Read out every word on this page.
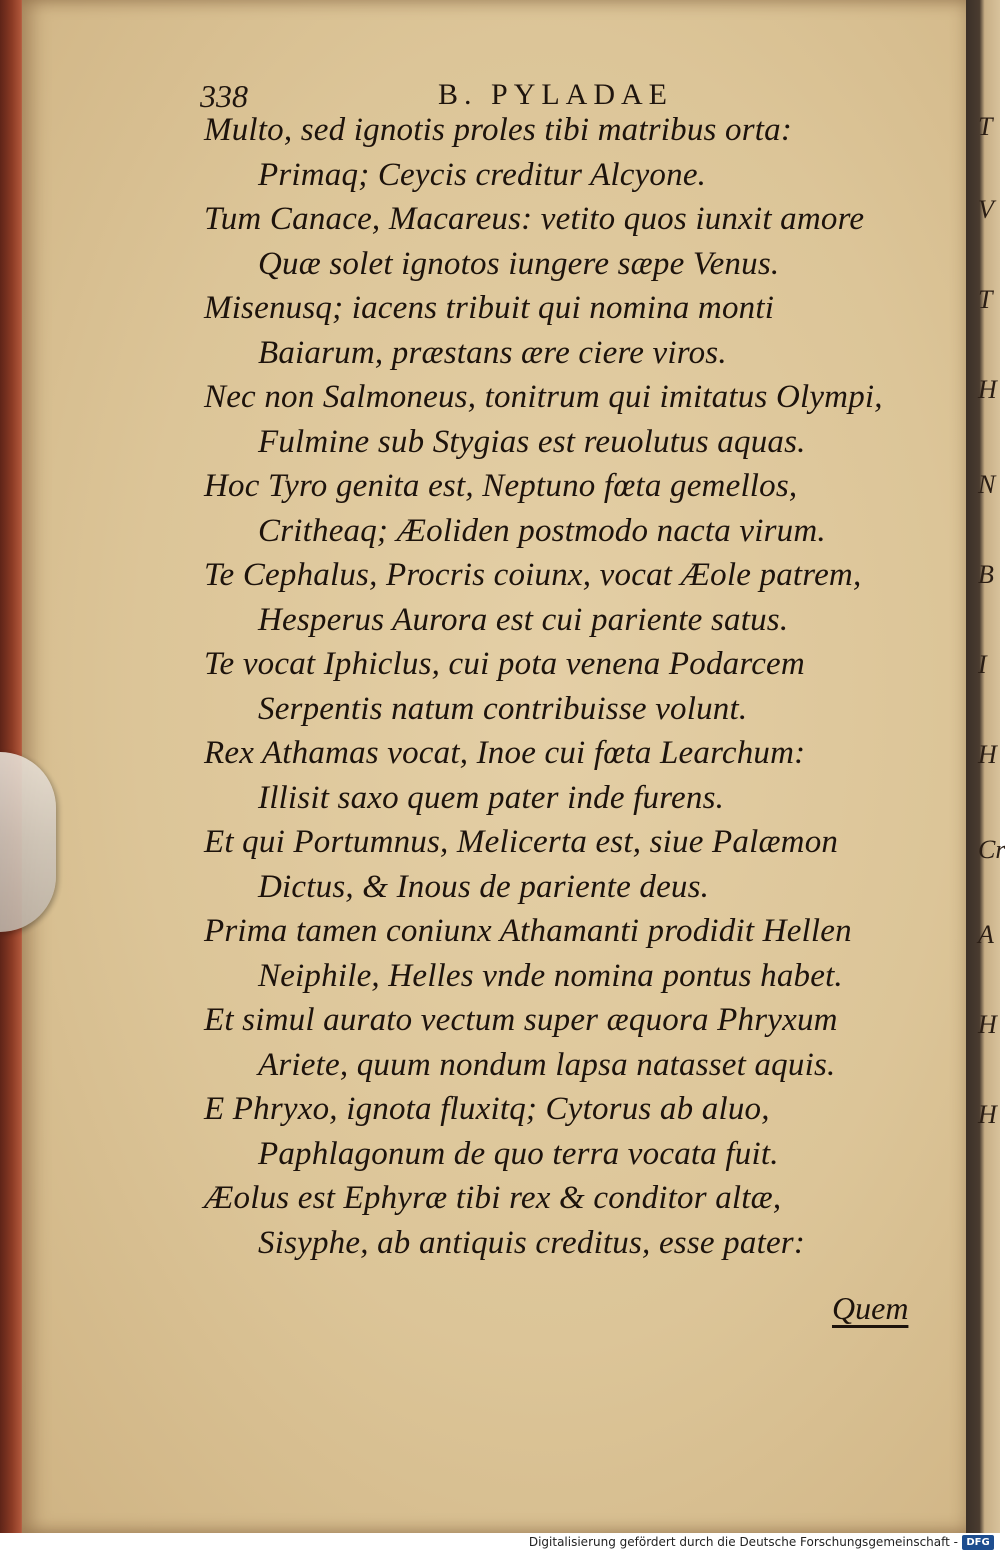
T
V
T
H
N
B
I
H
Cr
A
H
H
338	B. PYLADAE
Multo, sed ignotis proles tibi matribus orta:
Primaq; Ceycis creditur Alcyone.
Tum Canace, Macareus: vetito quos iunxit amore
Quæ solet ignotos iungere sæpe Venus.
Misenusq; iacens tribuit qui nomina monti
Baiarum, præstans ære ciere viros.
Nec non Salmoneus, tonitrum qui imitatus Olympi,
Fulmine sub Stygias est reuolutus aquas.
Hoc Tyro genita est, Neptuno fœta gemellos,
Critheaq; Æoliden postmodo nacta virum.
Te Cephalus, Procris coiunx, vocat Æole patrem,
Hesperus Aurora est cui pariente satus.
Te vocat Iphiclus, cui pota venena Podarcem
Serpentis natum contribuisse volunt.
Rex Athamas vocat, Inoe cui fœta Learchum:
Illisit saxo quem pater inde furens.
Et qui Portumnus, Melicerta est, siue Palæmon
Dictus, & Inous de pariente deus.
Prima tamen coniunx Athamanti prodidit Hellen
Neiphile, Helles vnde nomina pontus habet.
Et simul aurato vectum super æquora Phryxum
Ariete, quum nondum lapsa natasset aquis.
E Phryxo, ignota fluxitq; Cytorus ab aluo,
Paphlagonum de quo terra vocata fuit.
Æolus est Ephyræ tibi rex & conditor altæ,
Sisyphe, ab antiquis creditus, esse pater:
Quem
Digitalisierung gefördert durch die Deutsche Forschungsgemeinschaft - DFG
